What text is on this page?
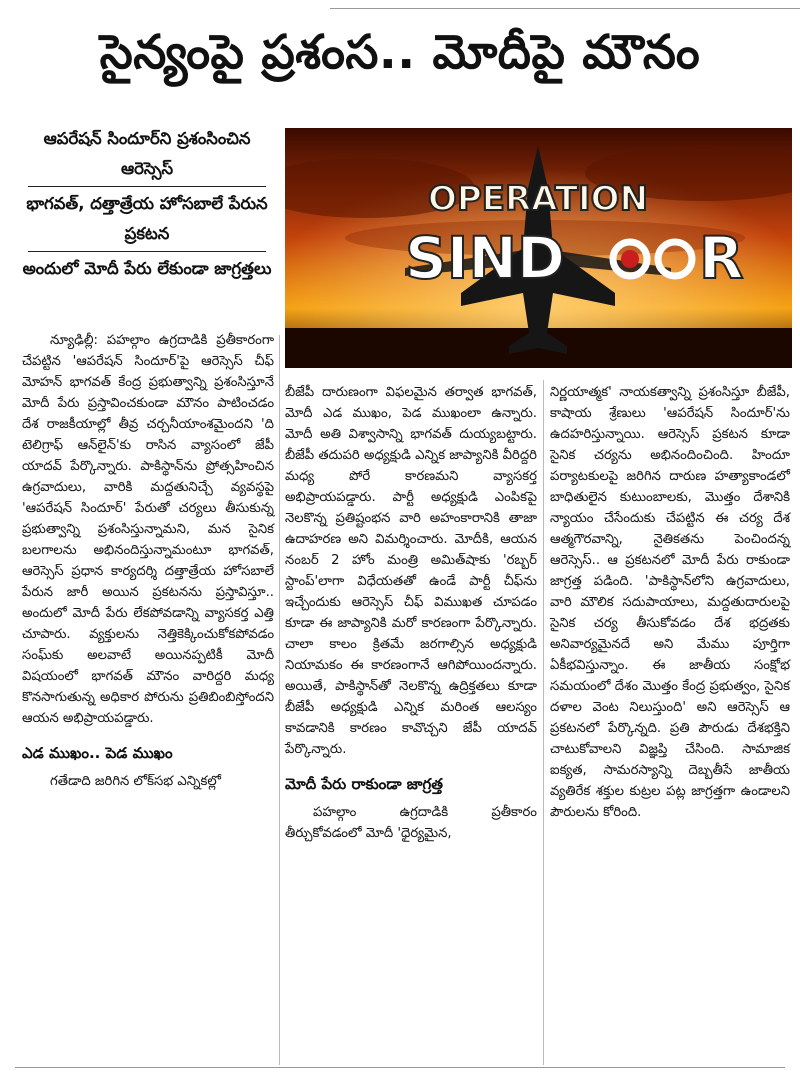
సైన్యంపై ప్రశంస.. మోదీపై మౌనం
ఆపరేషన్ సిందూర్‌ని ప్రశంసించిన ఆరెస్సెస్
భాగవత్, దత్తాత్రేయ హోసబాలే పేరున ప్రకటన
అందులో మోదీ పేరు లేకుండా జాగ్రత్తలు
OPERATION
SIND R

న్యూఢిల్లీ: పహల్గాం ఉగ్రదాడికి ప్రతీకారంగా చేపట్టిన 'ఆపరేషన్ సిందూర్'పై ఆరెస్సెస్ చీఫ్ మోహన్ భాగవత్ కేంద్ర ప్రభుత్వాన్ని ప్రశంసిస్తూనే మోదీ పేరు ప్రస్తావించకుండా మౌనం పాటించడం దేశ రాజకీయాల్లో తీవ్ర చర్చనీయాంశమైందని 'ది టెలిగ్రాఫ్ ఆన్‌లైన్'కు రాసిన వ్యాసంలో జేపీ యాదవ్ పేర్కొన్నారు. పాకిస్థాన్‌ను ప్రోత్సహించిన ఉగ్రవాదులు, వారికి మద్దతునిచ్చే వ్యవస్థపై 'ఆపరేషన్ సిందూర్' పేరుతో చర్యలు తీసుకున్న ప్రభుత్వాన్ని ప్రశంసిస్తున్నామని, మన సైనిక బలగాలను అభినందిస్తున్నామంటూ భాగవత్, ఆరెస్సెస్ ప్రధాన కార్యదర్శి దత్తాత్రేయ హోసబాలే పేరున జారీ అయిన ప్రకటనను ప్రస్తావిస్తూ.. అందులో మోదీ పేరు లేకపోవడాన్ని వ్యాసకర్త ఎత్తి చూపారు. వ్యక్తులను నెత్తికెక్కించుకోకపోవడం సంఘ్‌కు అలవాటే అయినప్పటికీ మోదీ విషయంలో భాగవత్ మౌనం వారిద్దరి మధ్య కొనసాగుతున్న అధికార పోరును ప్రతిబింబిస్తోందని ఆయన అభిప్రాయపడ్డారు.

ఎడ ముఖం.. పెడ ముఖం

గతేడాది జరిగిన లోక్‌సభ ఎన్నికల్లో

బీజేపీ దారుణంగా విఫలమైన తర్వాత భాగవత్, మోదీ ఎడ ముఖం, పెడ ముఖంలా ఉన్నారు. మోదీ అతి విశ్వాసాన్ని భాగవత్ దుయ్యబట్టారు. బీజేపీ తదుపరి అధ్యక్షుడి ఎన్నిక జాప్యానికి వీరిద్దరి మధ్య పోరే కారణమని వ్యాసకర్త అభిప్రాయపడ్డారు. పార్టీ అధ్యక్షుడి ఎంపికపై నెలకొన్న ప్రతిష్టంభన వారి అహంకారానికి తాజా ఉదాహరణ అని విమర్శించారు. మోదీకి, ఆయన నంబర్ 2 హోం మంత్రి అమిత్‌షాకు 'రబ్బర్ స్టాంప్'లాగా విధేయతతో ఉండే పార్టీ చీఫ్‌ను ఇచ్చేందుకు ఆరెస్సెస్ చీఫ్ విముఖత చూపడం కూడా ఈ జాప్యానికి మరో కారణంగా పేర్కొన్నారు. చాలా కాలం క్రితమే జరగాల్సిన అధ్యక్షుడి నియామకం ఈ కారణంగానే ఆగిపోయిందన్నారు. అయితే, పాకిస్థాన్‌తో నెలకొన్న ఉద్రిక్తతలు కూడా బీజేపీ అధ్యక్షుడి ఎన్నిక మరింత ఆలస్యం కావడానికి కారణం కావొచ్చని జేపీ యాదవ్ పేర్కొన్నారు.

మోదీ పేరు రాకుండా జాగ్రత్త

పహల్గాం ఉగ్రదాడికి ప్రతీకారం తీర్చుకోవడంలో మోదీ 'ధైర్యమైన,

నిర్ణయాత్మక' నాయకత్వాన్ని ప్రశంసిస్తూ బీజేపీ, కాషాయ శ్రేణులు 'ఆపరేషన్ సిందూర్'ను ఉదహరిస్తున్నాయి. ఆరెస్సెస్ ప్రకటన కూడా సైనిక చర్యను అభినందించింది. హిందూ పర్యాటకులపై జరిగిన దారుణ హత్యాకాండలో బాధితులైన కుటుంబాలకు, మొత్తం దేశానికి న్యాయం చేసేందుకు చేపట్టిన ఈ చర్య దేశ ఆత్మగౌరవాన్ని, నైతికతను పెంచిందన్న ఆరెస్సెస్.. ఆ ప్రకటనలో మోదీ పేరు రాకుండా జాగ్రత్త పడింది. 'పాకిస్థాన్‌లోని ఉగ్రవాదులు, వారి మౌలిక సదుపాయాలు, మద్దతుదారులపై సైనిక చర్య తీసుకోవడం దేశ భద్రతకు అనివార్యమైనదే అని మేము పూర్తిగా ఏకీభవిస్తున్నాం. ఈ జాతీయ సంక్షోభ సమయంలో దేశం మొత్తం కేంద్ర ప్రభుత్వం, సైనిక దళాల వెంట నిలుస్తుంది' అని ఆరెస్సెస్ ఆ ప్రకటనలో పేర్కొన్నది. ప్రతి పౌరుడు దేశభక్తిని చాటుకోవాలని విజ్ఞప్తి చేసింది. సామాజిక ఐక్యత, సామరస్యాన్ని దెబ్బతీసే జాతీయ వ్యతిరేక శక్తుల కుట్రల పట్ల జాగ్రత్తగా ఉండాలని పౌరులను కోరింది.
